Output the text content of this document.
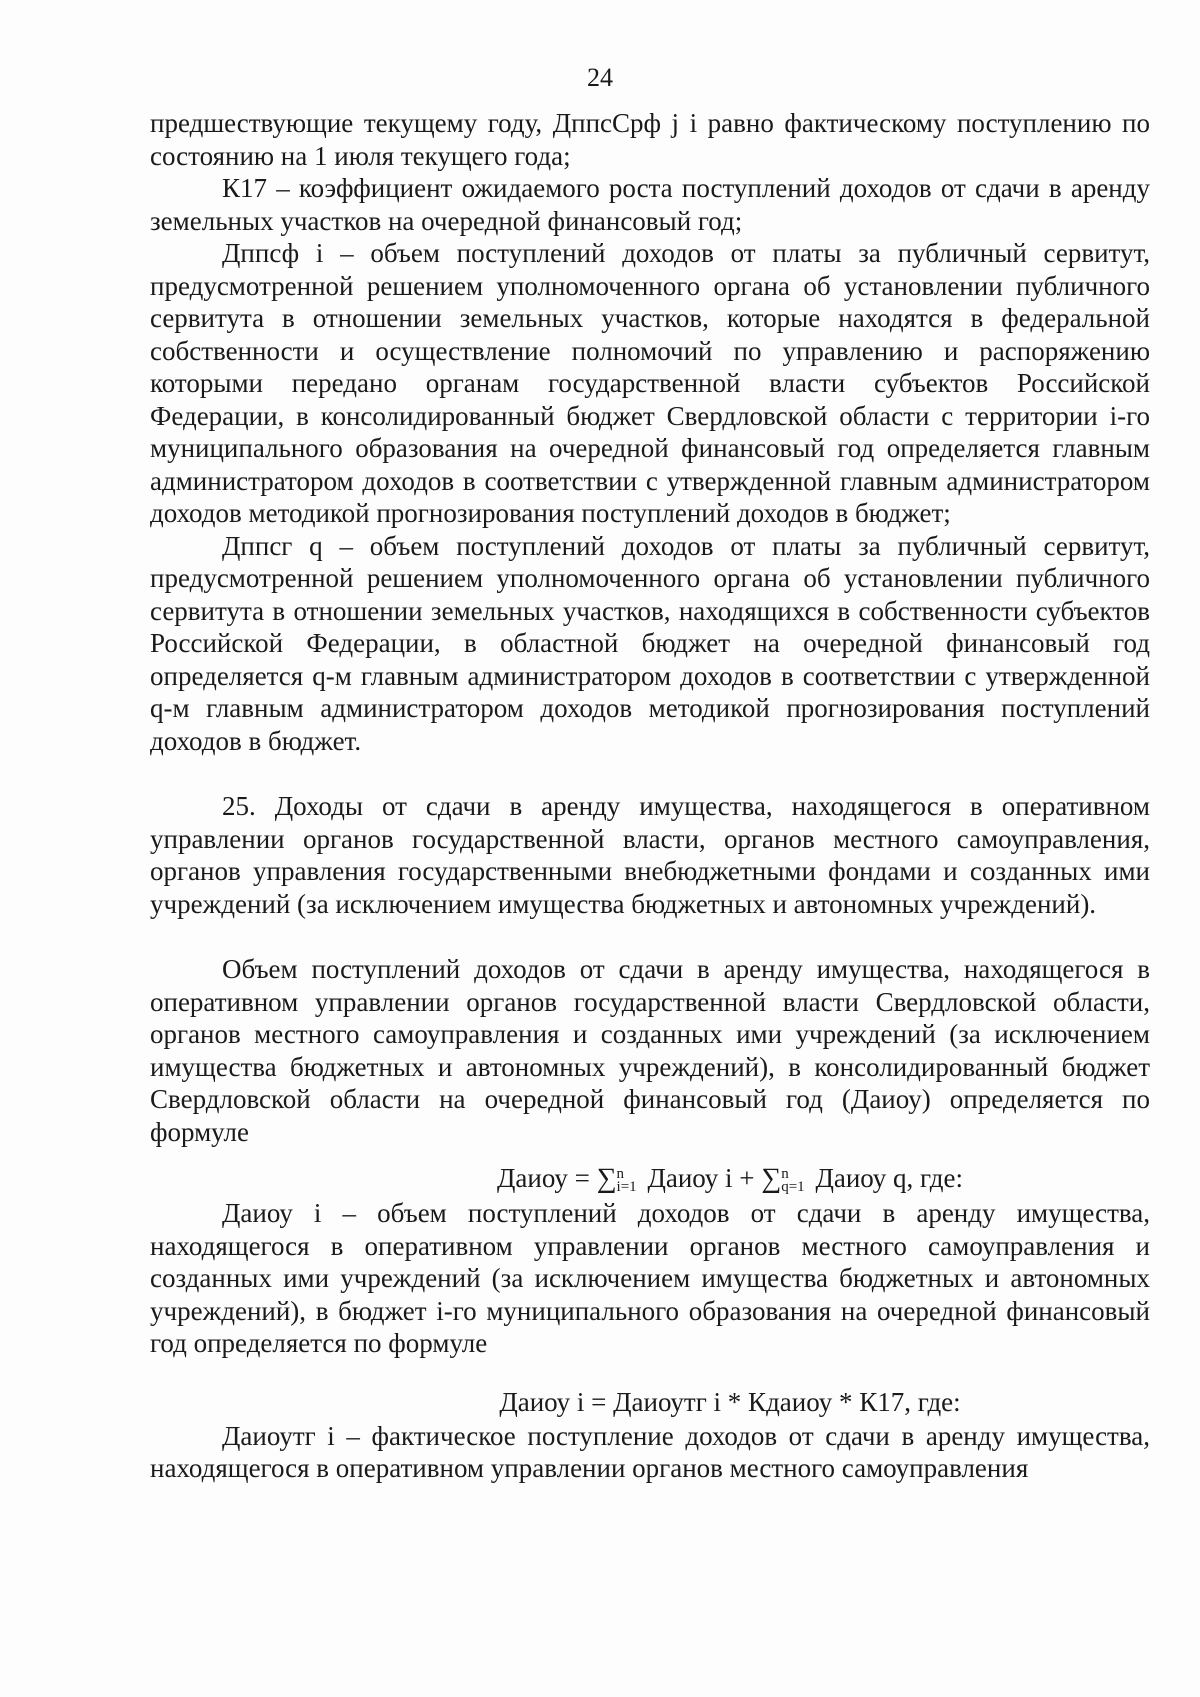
24

предшествующие текущему году, ДппсСрф j i равно фактическому поступлению по состоянию на 1 июля текущего года;

К17 – коэффициент ожидаемого роста поступлений доходов от сдачи в аренду земельных участков на очередной финансовый год;

Дппсф i – объем поступлений доходов от платы за публичный сервитут, предусмотренной решением уполномоченного органа об установлении публичного сервитута в отношении земельных участков, которые находятся в федеральной собственности и осуществление полномочий по управлению и распоряжению которыми передано органам государственной власти субъектов Российской Федерации, в консолидированный бюджет Свердловской области с территории i-го муниципального образования на очередной финансовый год определяется главным администратором доходов в соответствии с утвержденной главным администратором доходов методикой прогнозирования поступлений доходов в бюджет;

Дппсг q – объем поступлений доходов от платы за публичный сервитут, предусмотренной решением уполномоченного органа об установлении публичного сервитута в отношении земельных участков, находящихся в собственности субъектов Российской Федерации, в областной бюджет на очередной финансовый год определяется q-м главным администратором доходов в соответствии с утвержденной q-м главным администратором доходов методикой прогнозирования поступлений доходов в бюджет.

25. Доходы от сдачи в аренду имущества, находящегося в оперативном управлении органов государственной власти, органов местного самоуправления, органов управления государственными внебюджетными фондами и созданных ими учреждений (за исключением имущества бюджетных и автономных учреждений).

Объем поступлений доходов от сдачи в аренду имущества, находящегося в оперативном управлении органов государственной власти Свердловской области, органов местного самоуправления и созданных ими учреждений (за исключением имущества бюджетных и автономных учреждений), в консолидированный бюджет Свердловской области на очередной финансовый год (Даиоу) определяется по формуле

Даиоу = ∑ n
i=1 Даиоу i + ∑ n
q=1 Даиоу q, где:

Даиоу i – объем поступлений доходов от сдачи в аренду имущества, находящегося в оперативном управлении органов местного самоуправления и созданных ими учреждений (за исключением имущества бюджетных и автономных учреждений), в бюджет i-го муниципального образования на очередной финансовый год определяется по формуле

Даиоу i = Даиоутг i * Кдаиоу * К17, где:

Даиоутг i – фактическое поступление доходов от сдачи в аренду имущества, находящегося в оперативном управлении органов местного самоуправления
